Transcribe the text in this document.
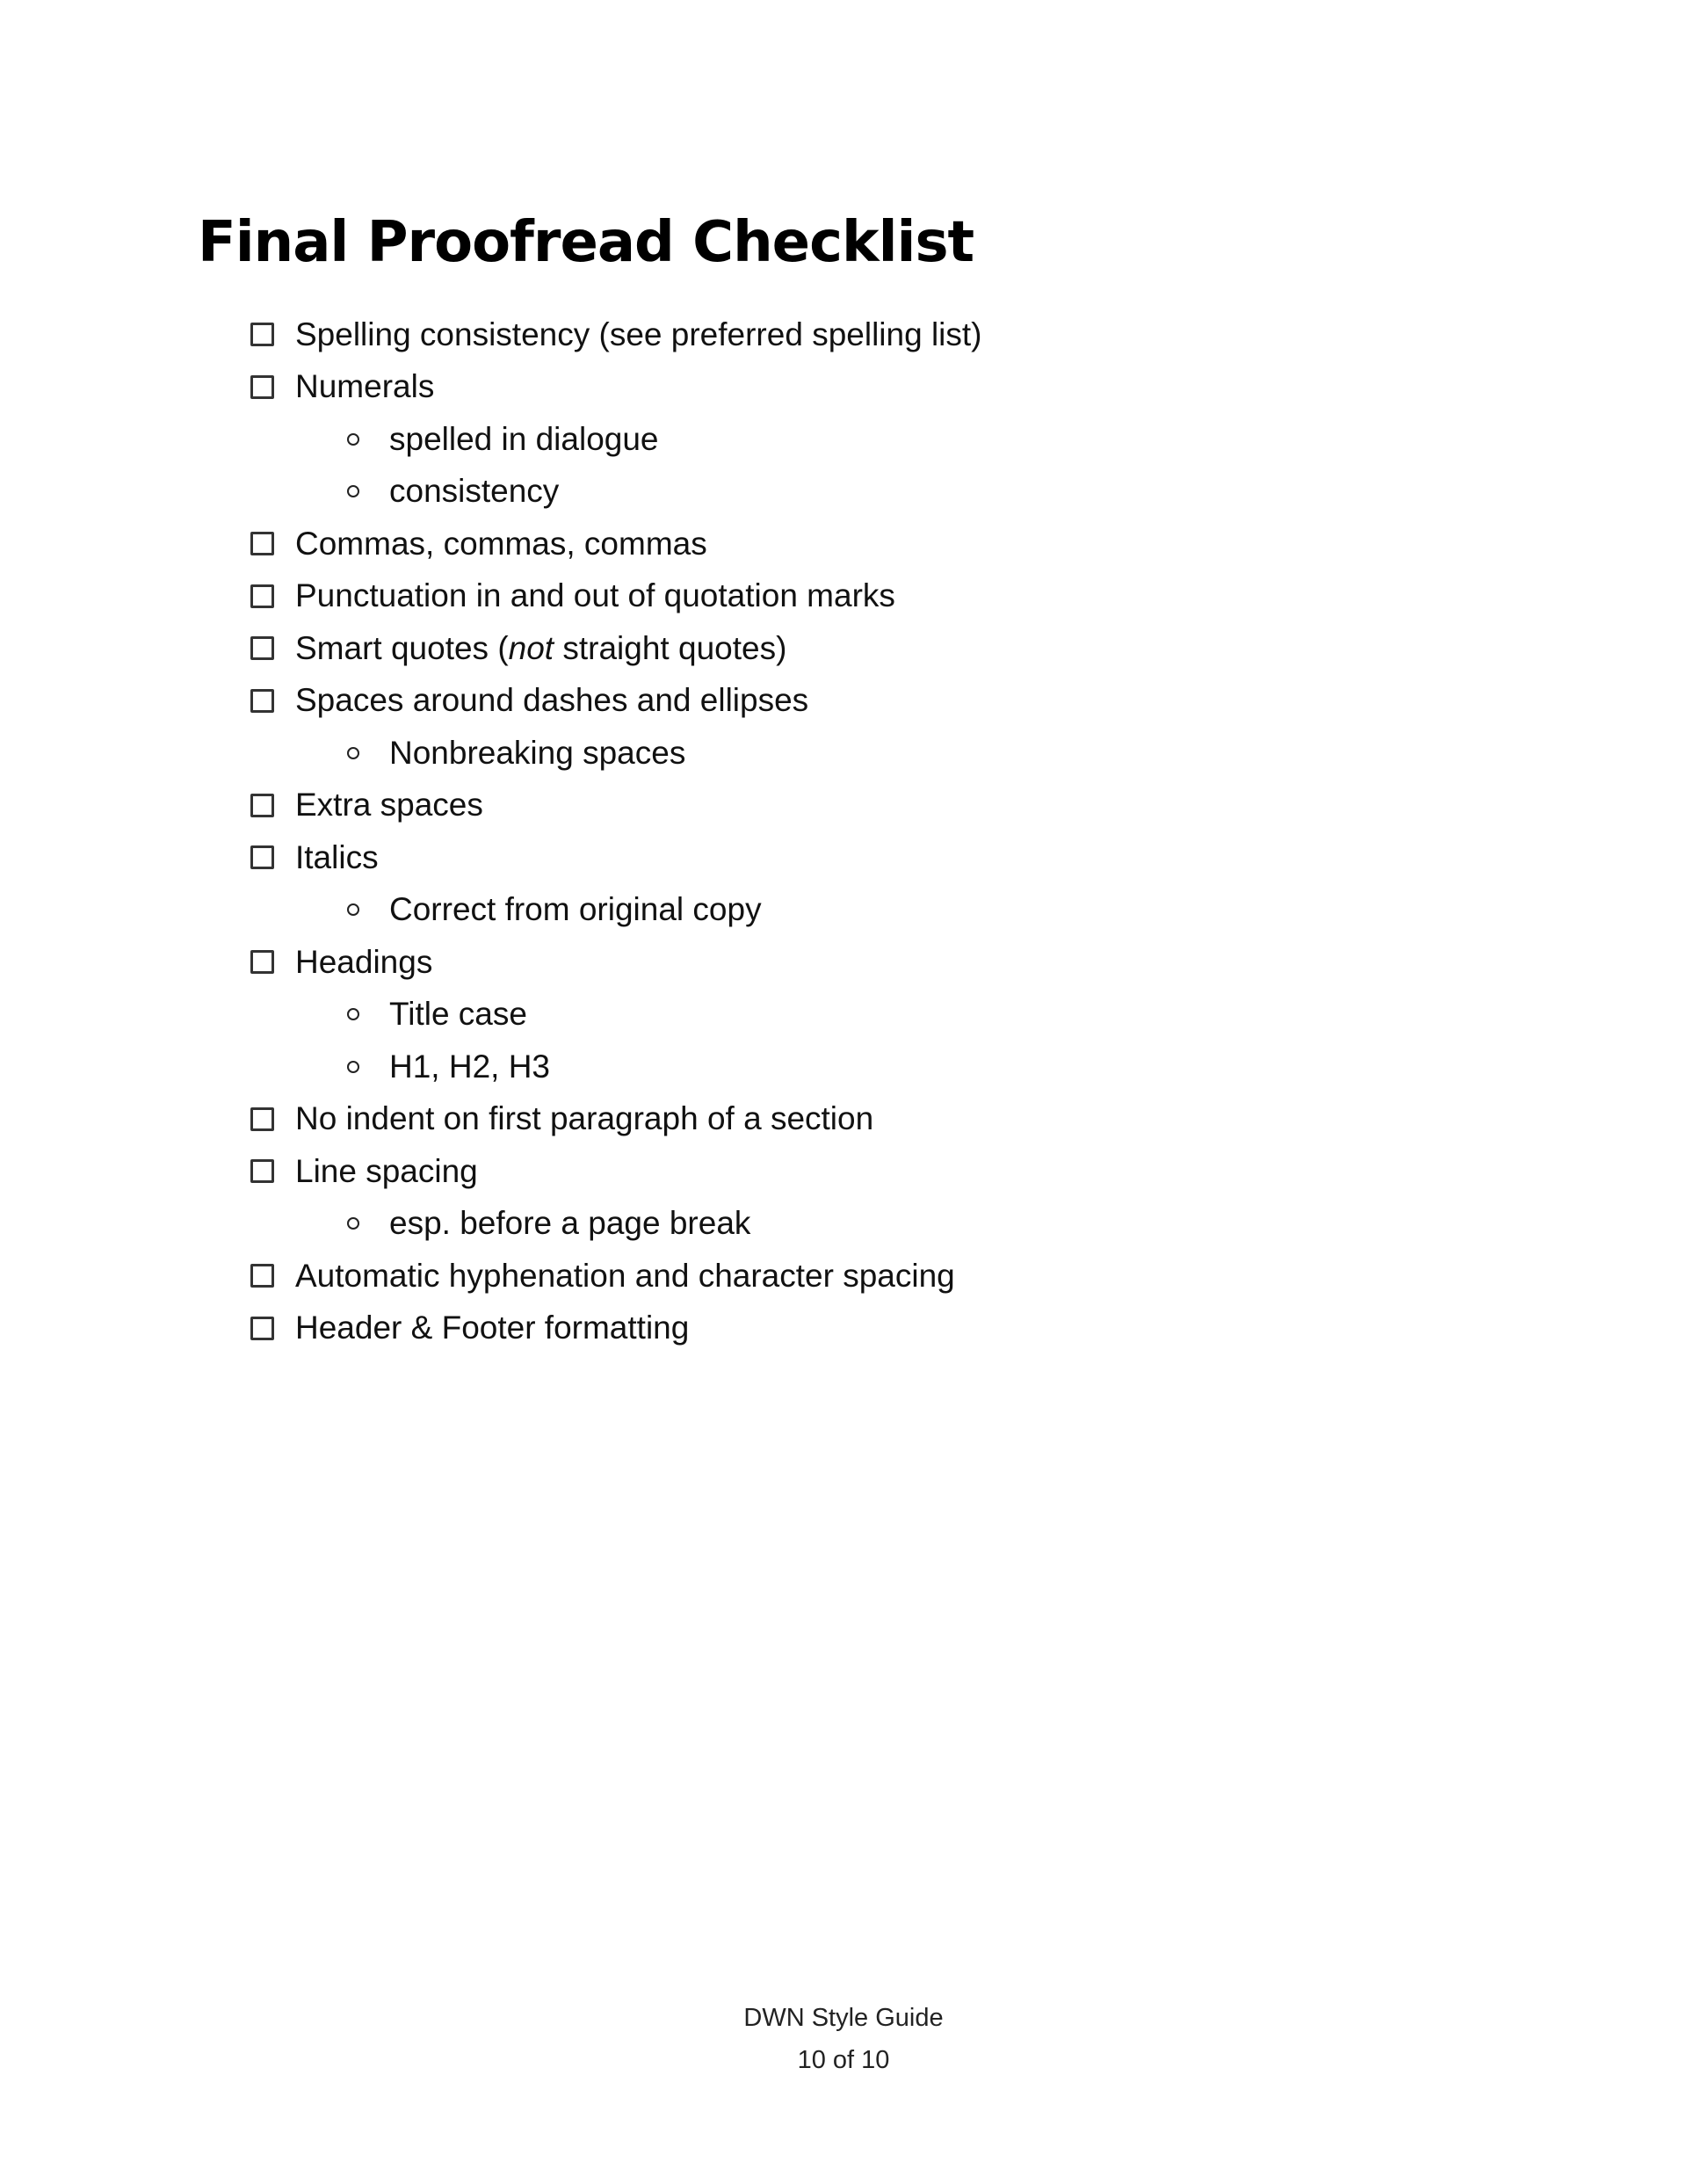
Final Proofread Checklist
Spelling consistency (see preferred spelling list)
Numerals
spelled in dialogue
consistency
Commas, commas, commas
Punctuation in and out of quotation marks
Smart quotes (not straight quotes)
Spaces around dashes and ellipses
Nonbreaking spaces
Extra spaces
Italics
Correct from original copy
Headings
Title case
H1, H2, H3
No indent on first paragraph of a section
Line spacing
esp. before a page break
Automatic hyphenation and character spacing
Header & Footer formatting
DWN Style Guide
10 of 10
